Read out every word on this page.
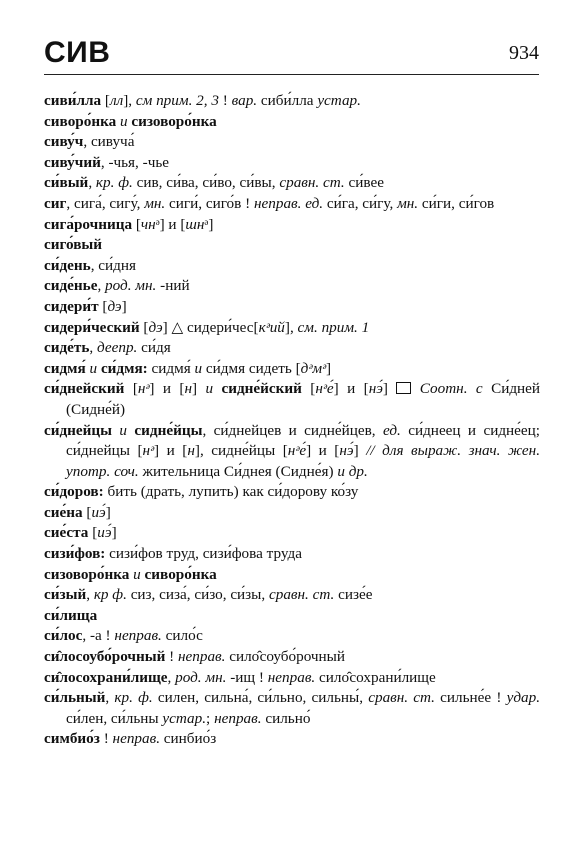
СИВ	934

сиви́лла [лл], см прим. 2, 3 ! вар. сиби́лла устар.

сивoро́нка и сизоворо́нка

сиву́ч, сивуча́

сиву́чий, -чья, -чье

си́вый, кр. ф. сив, си́ва, си́во, си́вы, сравн. ст. си́вее

сиг, сига́, сигу́, мн. сиги́, сиго́в ! неправ. ед. си́га, си́гу, мн. си́ги, си́гов

сига́рочница [чнᵊ] и [шнᵊ]

сиго́вый

си́день, си́дня

сиде́нье, род. мн. -ний

сидери́т [дэ]

сидери́ческий [дэ] △ сидери́чес[кᵊий], см. прим. 1

сиде́ть, деепр. си́дя

сидмя́ и си́дмя: сидмя́ и си́дмя сидеть [дᵊмᵊ]

си́днейский [нᵊ] и [н] и сидне́йский [нᵊе́] и [нэ́]  Соотн. с Си́дней (Сидне́й)

си́днейцы и сидне́йцы, си́днейцев и сидне́йцев, ед. си́днеец и сидне́ец; си́днейцы [нᵊ] и [н], сидне́йцы [нᵊе́] и [нэ́] // для выраж. знач. жен. употр. соч. жительница Си́днея (Сидне́я) и др.

си́доров: бить (драть, лупить) как си́дорову ко́зу

сие́на [иэ́]

сие́ста [иэ́]

сизи́фов: сизи́фов труд, сизи́фова труда

сизоворо́нка и сивoро́нка

си́зый, кр ф. сиз, сиза́, си́зо, си́зы, сравн. ст. сизе́е

си́лища

си́лос, -а ! неправ. сило́с

си̂лосоубо́рочный ! неправ. сило̂соубо́рочный

си̂лосохрани́лище, род. мн. -ищ ! неправ. сило̂сохрани́лище

си́льный, кр. ф. силен, сильна́, си́льно, сильны́, сравн. ст. сильне́е ! удар. си́лен, си́льны устар.; неправ. сильно́

симбио́з ! неправ. синбио́з
